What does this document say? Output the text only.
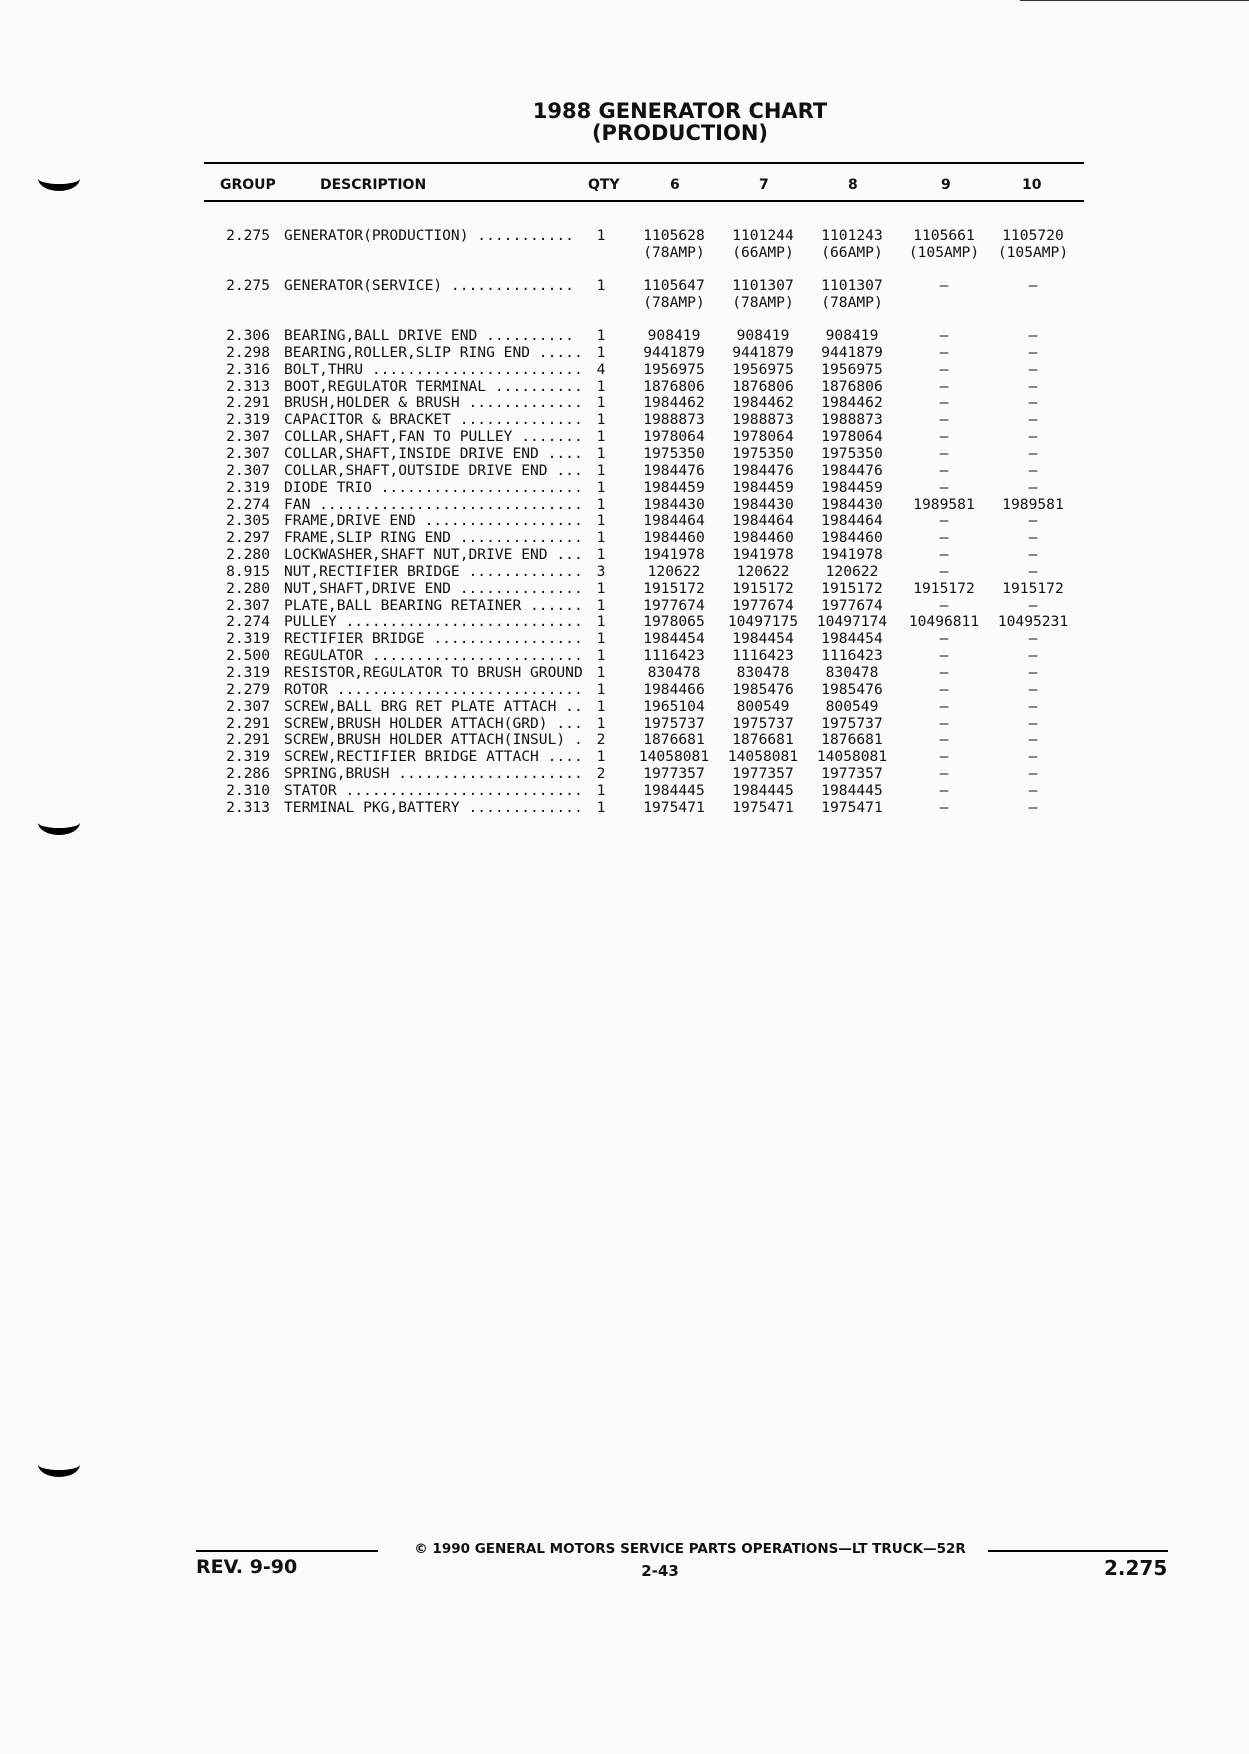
1988 GENERATOR CHART
(PRODUCTION)
GROUP	DESCRIPTION	QTY	6	7	8	9	10
2.275 GENERATOR(PRODUCTION) ........... 1	1105628	1101244	1101243	1105661	1105720
(78AMP)	(66AMP)	(66AMP)	(105AMP)	(105AMP)
2.275 GENERATOR(SERVICE) .............. 1	1105647	1101307	1101307	—	—
(78AMP)	(78AMP)	(78AMP)
2.306 BEARING,BALL DRIVE END ..........	1	908419	908419	908419	—	—
2.298 BEARING,ROLLER,SLIP RING END ..... 1	9441879	9441879	9441879	—	—
2.316 BOLT,THRU ........................ 4	1956975	1956975	1956975	—	—
2.313 BOOT,REGULATOR TERMINAL .......... 1	1876806	1876806	1876806	—	—
2.291 BRUSH,HOLDER & BRUSH ............. 1	1984462	1984462	1984462	—	—
2.319 CAPACITOR & BRACKET .............. 1	1988873	1988873	1988873	—	—
2.307 COLLAR,SHAFT,FAN TO PULLEY ....... 1	1978064	1978064	1978064	—	—
2.307 COLLAR,SHAFT,INSIDE DRIVE END .... 1	1975350	1975350	1975350	—	—
2.307 COLLAR,SHAFT,OUTSIDE DRIVE END ... 1	1984476	1984476	1984476	—	—
2.319 DIODE TRIO ....................... 1	1984459	1984459	1984459	—	—
2.274 FAN .............................. 1	1984430	1984430	1984430	1989581	1989581
2.305 FRAME,DRIVE END .................. 1	1984464	1984464	1984464	—	—
2.297 FRAME,SLIP RING END .............. 1	1984460	1984460	1984460	—	—
2.280 LOCKWASHER,SHAFT NUT,DRIVE END ... 1	1941978	1941978	1941978	—	—
8.915 NUT,RECTIFIER BRIDGE ............. 3	120622	120622	120622	—	—
2.280 NUT,SHAFT,DRIVE END .............. 1	1915172	1915172	1915172	1915172	1915172
2.307 PLATE,BALL BEARING RETAINER ...... 1	1977674	1977674	1977674	—	—
2.274 PULLEY ........................... 1	1978065	10497175	10497174	10496811	10495231
2.319 RECTIFIER BRIDGE ................. 1	1984454	1984454	1984454	—	—
2.500 REGULATOR ........................ 1	1116423	1116423	1116423	—	—
2.319 RESISTOR,REGULATOR TO BRUSH GROUND 1	830478	830478	830478	—	—
2.279 ROTOR ............................ 1	1984466	1985476	1985476	—	—
2.307 SCREW,BALL BRG RET PLATE ATTACH .. 1	1965104	800549	800549	—	—
2.291 SCREW,BRUSH HOLDER ATTACH(GRD) ... 1	1975737	1975737	1975737	—	—
2.291 SCREW,BRUSH HOLDER ATTACH(INSUL) . 2	1876681	1876681	1876681	—	—
2.319 SCREW,RECTIFIER BRIDGE ATTACH .... 1	14058081	14058081	14058081	—	—
2.286 SPRING,BRUSH ..................... 2	1977357	1977357	1977357	—	—
2.310 STATOR ........................... 1	1984445	1984445	1984445	—	—
2.313 TERMINAL PKG,BATTERY ............. 1	1975471	1975471	1975471	—	—
© 1990 GENERAL MOTORS SERVICE PARTS OPERATIONS—LT TRUCK—52R
2-43
REV. 9-90	2.275
